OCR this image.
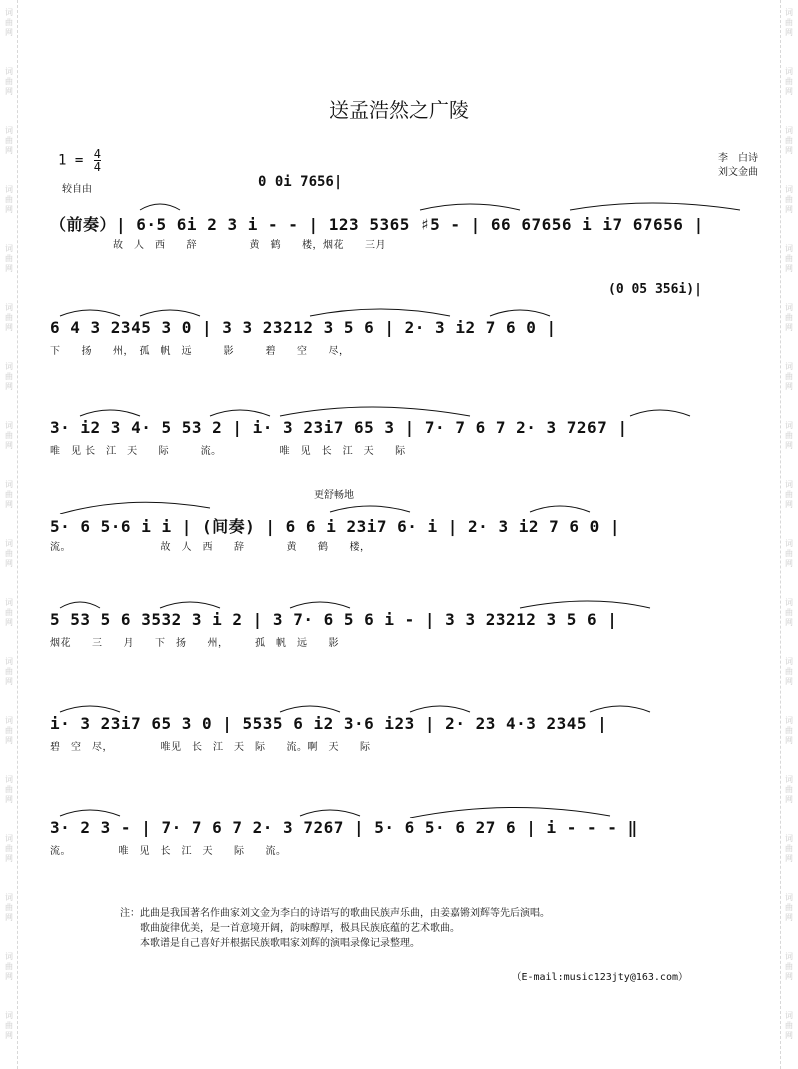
词
曲
网
词
曲
网
词
曲
网
词
曲
网
词
曲
网
词
曲
网
词
曲
网
词
曲
网
词
曲
网
词
曲
网
词
曲
网
词
曲
网
词
曲
网
词
曲
网
词
曲
网
词
曲
网
词
曲
网
词
曲
网
词
曲
网
词
曲
网
词
曲
网
词
曲
网
词
曲
网
词
曲
网
词
曲
网
词
曲
网
词
曲
网
词
曲
网
词
曲
网
词
曲
网
词
曲
网
词
曲
网
词
曲
网
词
曲
网
词
曲
网
词
曲
网
送孟浩然之广陵
$1 = \frac{4}{4}$	李　白诗
刘文金曲
较自由	0 0i 7656|
(0 05 356i)|
更舒畅地
（前奏）| 6·5 6i 2 3 i - - | 123 5365 ♯5 - | 66 67656 i i7 67656 |
　　　　　　故　人　西　　辞　　　　　黄　鹤　　楼，烟花　　三月
6 4 3 2345 3 0 | 3 3 23212 3 5 6 | 2· 3 i2 7 6 0 |
下　　扬　　州，　孤　帆　远　　　影　　　碧　　空　　尽，
3· i2 3 4· 5 53 2 | i· 3 23i7 65 3 | 7· 7 6 7 2· 3 7267 |
唯　见 长　江　天　　际　　　流。　　　　　　唯　见　长　江　天　　际
5· 6 5·6 i i | (间奏) | 6 6 i 23i7 6· i | 2· 3 i2 7 6 0 |
流。　　　　　　　　　故　人　西　　辞　　　　黄　　鹤　　楼，
5 53 5 6 3532 3 i 2 | 3 7· 6 5 6 i - | 3 3 23212 3 5 6 |
烟花　　三　　月　　下　扬　　州，　　　孤　帆　远　　影
i· 3 23i7 65 3 0 | 5535 6 i2 3·6 i23 | 2· 23 4·3 2345 |
碧　空　尽，　　　　　唯见　长　江　天　际　　流。啊　天　　际
3· 2 3 - | 7· 7 6 7 2· 3 7267 | 5· 6 5· 6 27 6 | i - - - ‖
流。　　　　　唯　见　长　江　天　　际　　流。
注：此曲是我国著名作曲家刘文金为李白的诗语写的歌曲民族声乐曲，由姜嘉锵刘辉等先后演唱。
　　歌曲旋律优美，是一首意境开阔，韵味醇厚，极具民族底蕴的艺术歌曲。
　　本歌谱是自己喜好并根据民族歌唱家刘辉的演唱录像记录整理。
（E-mail:music123jty@163.com）
